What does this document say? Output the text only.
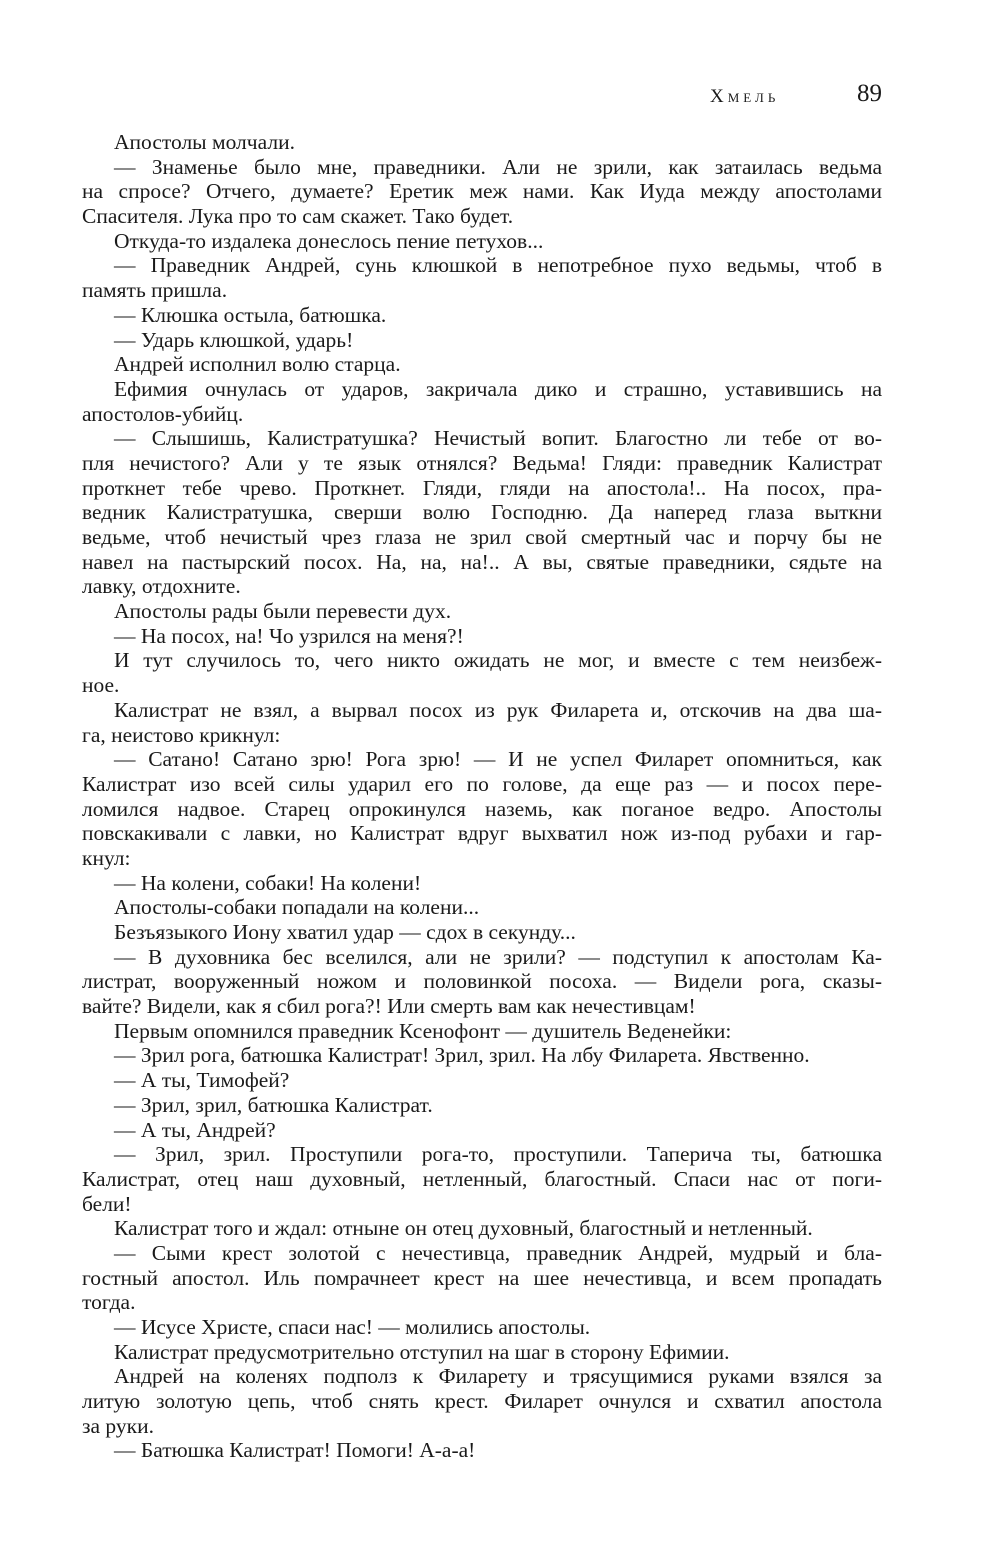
Хмель	89
Апостолы молчали.
— Знаменье было мне, праведники. Али не зрили, как затаилась ведьма
на спросе? Отчего, думаете? Еретик меж нами. Как Иуда между апостолами
Спасителя. Лука про то сам скажет. Тако будет.
Откуда-то издалека донеслось пение петухов...
— Праведник Андрей, сунь клюшкой в непотребное пухо ведьмы, чтоб в
память пришла.
— Клюшка остыла, батюшка.
— Ударь клюшкой, ударь!
Андрей исполнил волю старца.
Ефимия очнулась от ударов, закричала дико и страшно, уставившись на
апостолов-убийц.
— Слышишь, Калистратушка? Нечистый вопит. Благостно ли тебе от во-
пля нечистого? Али у те язык отнялся? Ведьма! Гляди: праведник Калистрат
проткнет тебе чрево. Проткнет. Гляди, гляди на апостола!.. На посох, пра-
ведник Калистратушка, сверши волю Господню. Да наперед глаза выткни
ведьме, чтоб нечистый чрез глаза не зрил свой смертный час и порчу бы не
навел на пастырский посох. На, на, на!.. А вы, святые праведники, сядьте на
лавку, отдохните.
Апостолы рады были перевести дух.
— На посох, на! Чо узрился на меня?!
И тут случилось то, чего никто ожидать не мог, и вместе с тем неизбеж-
ное.
Калистрат не взял, а вырвал посох из рук Филарета и, отскочив на два ша-
га, неистово крикнул:
— Сатано! Сатано зрю! Рога зрю! — И не успел Филарет опомниться, как
Калистрат изо всей силы ударил его по голове, да еще раз — и посох пере-
ломился надвое. Старец опрокинулся наземь, как поганое ведро. Апостолы
повскакивали с лавки, но Калистрат вдруг выхватил нож из-под рубахи и гар-
кнул:
— На колени, собаки! На колени!
Апостолы-собаки попадали на колени...
Безъязыкого Иону хватил удар — сдох в секунду...
— В духовника бес вселился, али не зрили? — подступил к апостолам Ка-
листрат, вооруженный ножом и половинкой посоха. — Видели рога, сказы-
вайте? Видели, как я сбил рога?! Или смерть вам как нечестивцам!
Первым опомнился праведник Ксенофонт — душитель Веденейки:
— Зрил рога, батюшка Калистрат! Зрил, зрил. На лбу Филарета. Явственно.
— А ты, Тимофей?
— Зрил, зрил, батюшка Калистрат.
— А ты, Андрей?
— Зрил, зрил. Проступили рога-то, проступили. Таперича ты, батюшка
Калистрат, отец наш духовный, нетленный, благостный. Спаси нас от поги-
бели!
Калистрат того и ждал: отныне он отец духовный, благостный и нетленный.
— Сыми крест золотой с нечестивца, праведник Андрей, мудрый и бла-
гостный апостол. Иль помрачнеет крест на шее нечестивца, и всем пропадать
тогда.
— Исусе Христе, спаси нас! — молились апостолы.
Калистрат предусмотрительно отступил на шаг в сторону Ефимии.
Андрей на коленях подполз к Филарету и трясущимися руками взялся за
литую золотую цепь, чтоб снять крест. Филарет очнулся и схватил апостола
за руки.
— Батюшка Калистрат! Помоги! А-а-а!
